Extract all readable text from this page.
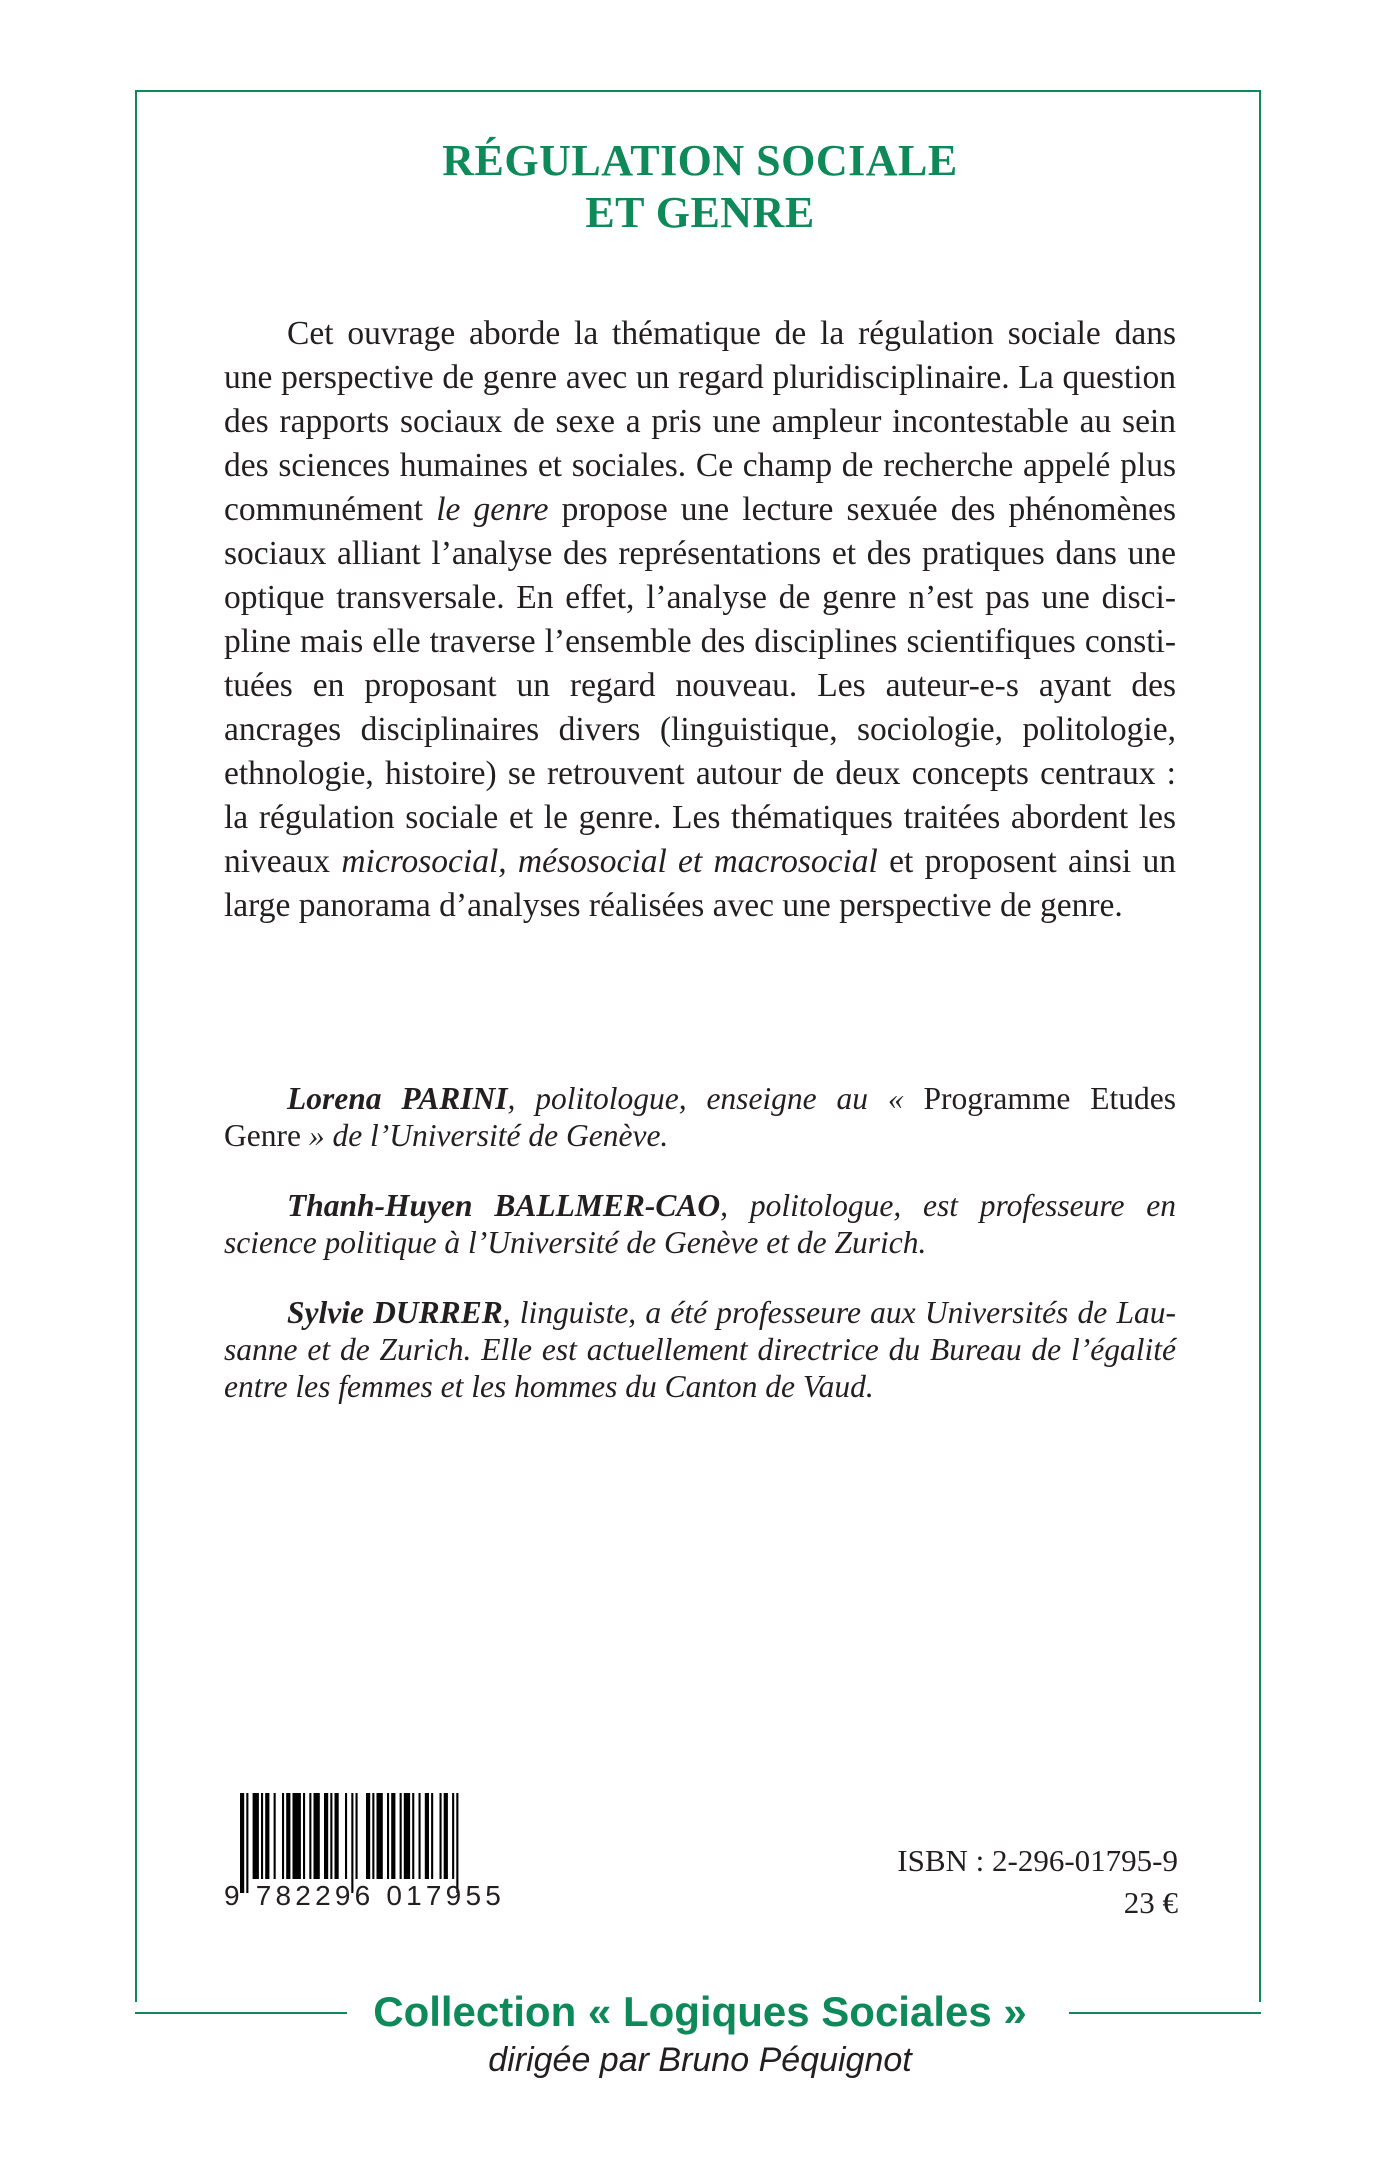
RÉGULATION SOCIALE
ET GENRE

Cet ouvrage aborde la thématique de la régulation sociale dans une perspective de genre avec un regard pluridisciplinaire. La question des rapports sociaux de sexe a pris une ampleur incontestable au sein des sciences humaines et sociales. Ce champ de recherche appelé plus communément le genre propose une lecture sexuée des phénomènes sociaux alliant l’analyse des représentations et des pratiques dans une optique transversale. En effet, l’analyse de genre n’est pas une discipline mais elle traverse l’ensemble des disciplines scientifiques constituées en proposant un regard nouveau. Les auteur-e-s ayant des ancrages disciplinaires divers (linguistique, sociologie, politologie, ethnologie, histoire) se retrouvent autour de deux concepts centraux : la régulation sociale et le genre. Les thématiques traitées abordent les niveaux microsocial, mésosocial et macrosocial et proposent ainsi un large panorama d’analyses réalisées avec une perspective de genre.

Lorena PARINI, politologue, enseigne au « Programme Etudes Genre » de l’Université de Genève.

Thanh-Huyen BALLMER-CAO, politologue, est professeure en science politique à l’Université de Genève et de Zurich.

Sylvie DURRER, linguiste, a été professeure aux Universités de Lausanne et de Zurich. Elle est actuellement directrice du Bureau de l’égalité entre les femmes et les hommes du Canton de Vaud.

9 782296 017955
ISBN : 2-296-01795-9
23 €
Collection « Logiques Sociales »
dirigée par Bruno Péquignot
